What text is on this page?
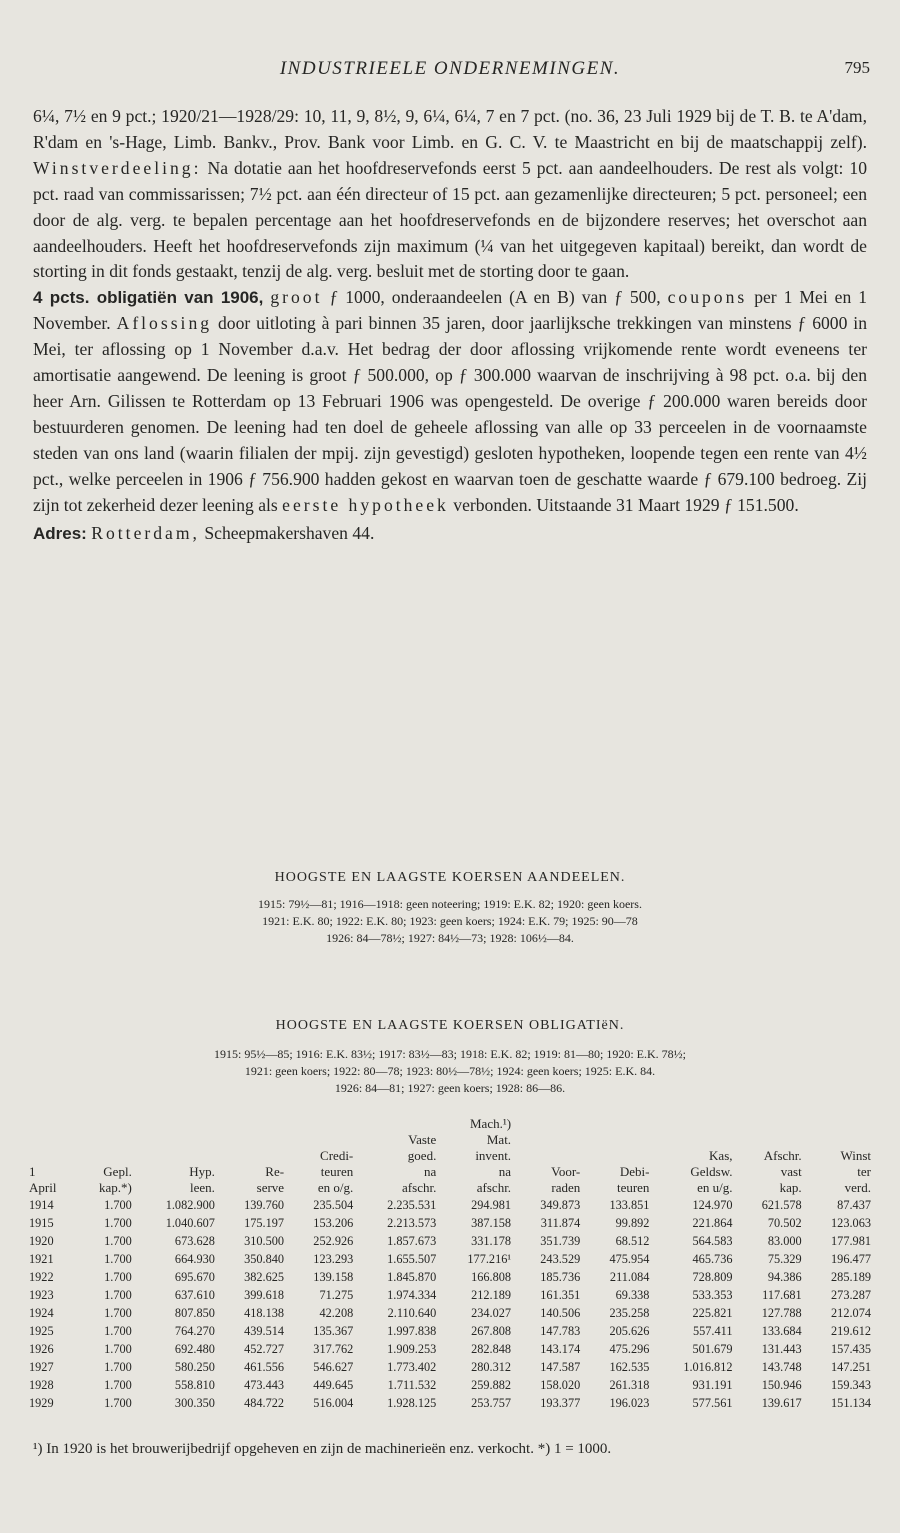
INDUSTRIEELE ONDERNEMINGEN.	795

6¼, 7½ en 9 pct.; 1920/21—1928/29: 10, 11, 9, 8½, 9, 6¼, 6¼, 7 en 7 pct. (no. 36, 23 Juli 1929 bij de T. B. te A'dam, R'dam en 's-Hage, Limb. Bankv., Prov. Bank voor Limb. en G. C. V. te Maastricht en bij de maatschappij zelf). Winstverdeeling: Na dotatie aan het hoofdreservefonds eerst 5 pct. aan aandeelhouders. De rest als volgt: 10 pct. raad van commissarissen; 7½ pct. aan één directeur of 15 pct. aan gezamenlijke directeuren; 5 pct. personeel; een door de alg. verg. te bepalen percentage aan het hoofdreservefonds en de bijzondere reserves; het overschot aan aandeelhouders. Heeft het hoofdreservefonds zijn maximum (¼ van het uitgegeven kapitaal) bereikt, dan wordt de storting in dit fonds gestaakt, tenzij de alg. verg. besluit met de storting door te gaan.

4 pcts. obligatiën van 1906, groot ƒ 1000, onderaandeelen (A en B) van ƒ 500, coupons per 1 Mei en 1 November. Aflossing door uitloting à pari binnen 35 jaren, door jaarlijksche trekkingen van minstens ƒ 6000 in Mei, ter aflossing op 1 November d.a.v. Het bedrag der door aflossing vrijkomende rente wordt eveneens ter amortisatie aangewend. De leening is groot ƒ 500.000, op ƒ 300.000 waarvan de inschrijving à 98 pct. o.a. bij den heer Arn. Gilissen te Rotterdam op 13 Februari 1906 was opengesteld. De overige ƒ 200.000 waren bereids door bestuurderen genomen. De leening had ten doel de geheele aflossing van alle op 33 perceelen in de voornaamste steden van ons land (waarin filialen der mpij. zijn gevestigd) gesloten hypotheken, loopende tegen een rente van 4½ pct., welke perceelen in 1906 ƒ 756.900 hadden gekost en waarvan toen de geschatte waarde ƒ 679.100 bedroeg. Zij zijn tot zekerheid dezer leening als eerste hypotheek verbonden. Uitstaande 31 Maart 1929 ƒ 151.500.

Adres: Rotterdam, Scheepmakershaven 44.

HOOGSTE EN LAAGSTE KOERSEN AANDEELEN.

1915: 79½—81; 1916—1918: geen noteering; 1919: E.K. 82; 1920: geen koers.

1921: E.K. 80; 1922: E.K. 80; 1923: geen koers; 1924: E.K. 79; 1925: 90—78

1926: 84—78½; 1927: 84½—73; 1928: 106½—84.

HOOGSTE EN LAAGSTE KOERSEN OBLIGATIëN.

1915: 95½—85; 1916: E.K. 83½; 1917: 83½—83; 1918: E.K. 82; 1919: 81—80; 1920: E.K. 78½;

1921: geen koers; 1922: 80—78; 1923: 80½—78½; 1924: geen koers; 1925: E.K. 84.

1926: 84—81; 1927: geen koers; 1928: 86—86.

						Mach.¹)					
					Vaste	Mat.					
				Credi-	goed.	invent.			Kas,	Afschr.	Winst
1	Gepl.	Hyp.	Re-	teuren	na	na	Voor-	Debi-	Geldsw.	vast	ter
April	kap.*)	leen.	serve	en o/g.	afschr.	afschr.	raden	teuren	en u/g.	kap.	verd.
1914	1.700	1.082.900	139.760	235.504	2.235.531	294.981	349.873	133.851	124.970	621.578	87.437
1915	1.700	1.040.607	175.197	153.206	2.213.573	387.158	311.874	99.892	221.864	70.502	123.063
1920	1.700	673.628	310.500	252.926	1.857.673	331.178	351.739	68.512	564.583	83.000	177.981
1921	1.700	664.930	350.840	123.293	1.655.507	177.216¹	243.529	475.954	465.736	75.329	196.477
1922	1.700	695.670	382.625	139.158	1.845.870	166.808	185.736	211.084	728.809	94.386	285.189
1923	1.700	637.610	399.618	71.275	1.974.334	212.189	161.351	69.338	533.353	117.681	273.287
1924	1.700	807.850	418.138	42.208	2.110.640	234.027	140.506	235.258	225.821	127.788	212.074
1925	1.700	764.270	439.514	135.367	1.997.838	267.808	147.783	205.626	557.411	133.684	219.612
1926	1.700	692.480	452.727	317.762	1.909.253	282.848	143.174	475.296	501.679	131.443	157.435
1927	1.700	580.250	461.556	546.627	1.773.402	280.312	147.587	162.535	1.016.812	143.748	147.251
1928	1.700	558.810	473.443	449.645	1.711.532	259.882	158.020	261.318	931.191	150.946	159.343
1929	1.700	300.350	484.722	516.004	1.928.125	253.757	193.377	196.023	577.561	139.617	151.134

¹) In 1920 is het brouwerijbedrijf opgeheven en zijn de machinerieën enz. verkocht. *) 1 = 1000.
